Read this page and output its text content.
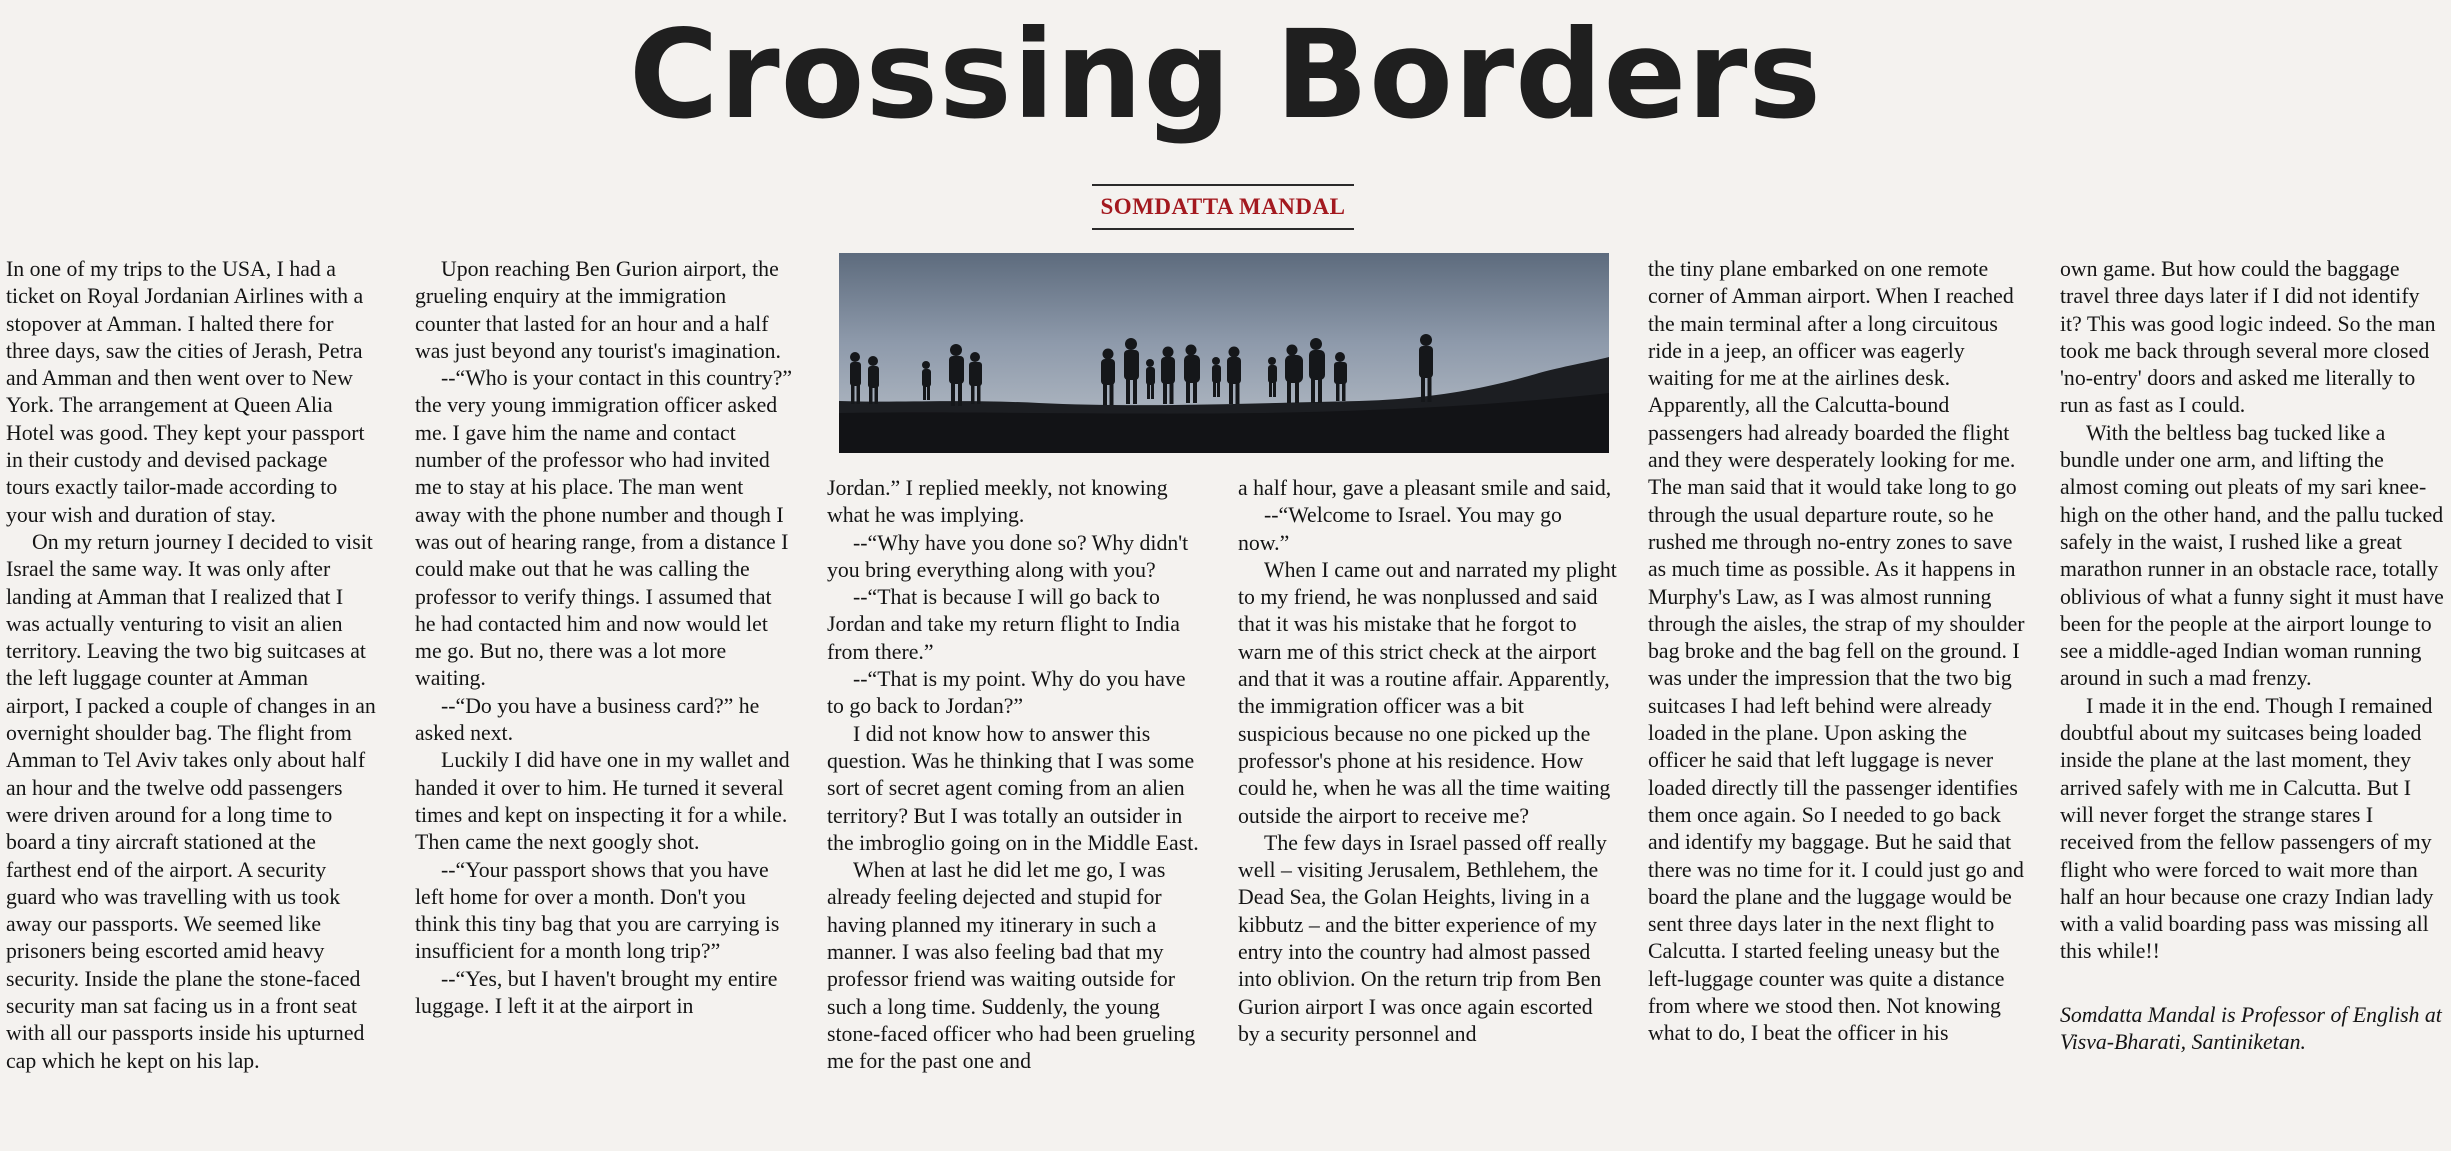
Crossing Borders
SOMDATTA MANDAL

In one of my trips to the USA, I had a ticket on Royal Jordanian Airlines with a stopover at Amman. I halted there for three days, saw the cities of Jerash, Petra and Amman and then went over to New York. The arrangement at Queen Alia Hotel was good. They kept your passport in their custody and devised package tours exactly tailor-made according to your wish and duration of stay.

On my return journey I decided to visit Israel the same way. It was only after landing at Amman that I realized that I was actually venturing to visit an alien territory. Leaving the two big suitcases at the left luggage counter at Amman airport, I packed a couple of changes in an overnight shoulder bag. The flight from Amman to Tel Aviv takes only about half an hour and the twelve odd passengers were driven around for a long time to board a tiny aircraft stationed at the farthest end of the airport. A security guard who was travelling with us took away our passports. We seemed like prisoners being escorted amid heavy security. Inside the plane the stone-faced security man sat facing us in a front seat with all our passports inside his upturned cap which he kept on his lap.

Upon reaching Ben Gurion airport, the grueling enquiry at the immigration counter that lasted for an hour and a half was just beyond any tourist's imagination.

--“Who is your contact in this country?” the very young immigration officer asked me. I gave him the name and contact number of the professor who had invited me to stay at his place. The man went away with the phone number and though I was out of hearing range, from a distance I could make out that he was calling the professor to verify things. I assumed that he had contacted him and now would let me go. But no, there was a lot more waiting.

--“Do you have a business card?” he asked next.

Luckily I did have one in my wallet and handed it over to him. He turned it several times and kept on inspecting it for a while. Then came the next googly shot.

--“Your passport shows that you have left home for over a month. Don't you think this tiny bag that you are carrying is insufficient for a month long trip?”

--“Yes, but I haven't brought my entire luggage. I left it at the airport in

Jordan.” I replied meekly, not knowing what he was implying.

--“Why have you done so? Why didn't you bring everything along with you?

--“That is because I will go back to Jordan and take my return flight to India from there.”

--“That is my point. Why do you have to go back to Jordan?”

I did not know how to answer this question. Was he thinking that I was some sort of secret agent coming from an alien territory? But I was totally an outsider in the imbroglio going on in the Middle East.

When at last he did let me go, I was already feeling dejected and stupid for having planned my itinerary in such a manner. I was also feeling bad that my professor friend was waiting outside for such a long time. Suddenly, the young stone-faced officer who had been grueling me for the past one and

a half hour, gave a pleasant smile and said,

--“Welcome to Israel. You may go now.”

When I came out and narrated my plight to my friend, he was nonplussed and said that it was his mistake that he forgot to warn me of this strict check at the airport and that it was a routine affair. Apparently, the immigration officer was a bit suspicious because no one picked up the professor's phone at his residence. How could he, when he was all the time waiting outside the airport to receive me?

The few days in Israel passed off really well – visiting Jerusalem, Bethlehem, the Dead Sea, the Golan Heights, living in a kibbutz – and the bitter experience of my entry into the country had almost passed into oblivion. On the return trip from Ben Gurion airport I was once again escorted by a security personnel and

the tiny plane embarked on one remote corner of Amman airport. When I reached the main terminal after a long circuitous ride in a jeep, an officer was eagerly waiting for me at the airlines desk. Apparently, all the Calcutta-bound passengers had already boarded the flight and they were desperately looking for me. The man said that it would take long to go through the usual departure route, so he rushed me through no-entry zones to save as much time as possible. As it happens in Murphy's Law, as I was almost running through the aisles, the strap of my shoulder bag broke and the bag fell on the ground. I was under the impression that the two big suitcases I had left behind were already loaded in the plane. Upon asking the officer he said that left luggage is never loaded directly till the passenger identifies them once again. So I needed to go back and identify my baggage. But he said that there was no time for it. I could just go and board the plane and the luggage would be sent three days later in the next flight to Calcutta. I started feeling uneasy but the left-luggage counter was quite a distance from where we stood then. Not knowing what to do, I beat the officer in his

own game. But how could the baggage travel three days later if I did not identify it? This was good logic indeed. So the man took me back through several more closed 'no-entry' doors and asked me literally to run as fast as I could.

With the beltless bag tucked like a bundle under one arm, and lifting the almost coming out pleats of my sari knee-high on the other hand, and the pallu tucked safely in the waist, I rushed like a great marathon runner in an obstacle race, totally oblivious of what a funny sight it must have been for the people at the airport lounge to see a middle-aged Indian woman running around in such a mad frenzy.

I made it in the end. Though I remained doubtful about my suitcases being loaded inside the plane at the last moment, they arrived safely with me in Calcutta. But I will never forget the strange stares I received from the fellow passengers of my flight who were forced to wait more than half an hour because one crazy Indian lady with a valid boarding pass was missing all this while!!

Somdatta Mandal is Professor of English at Visva-Bharati, Santiniketan.
